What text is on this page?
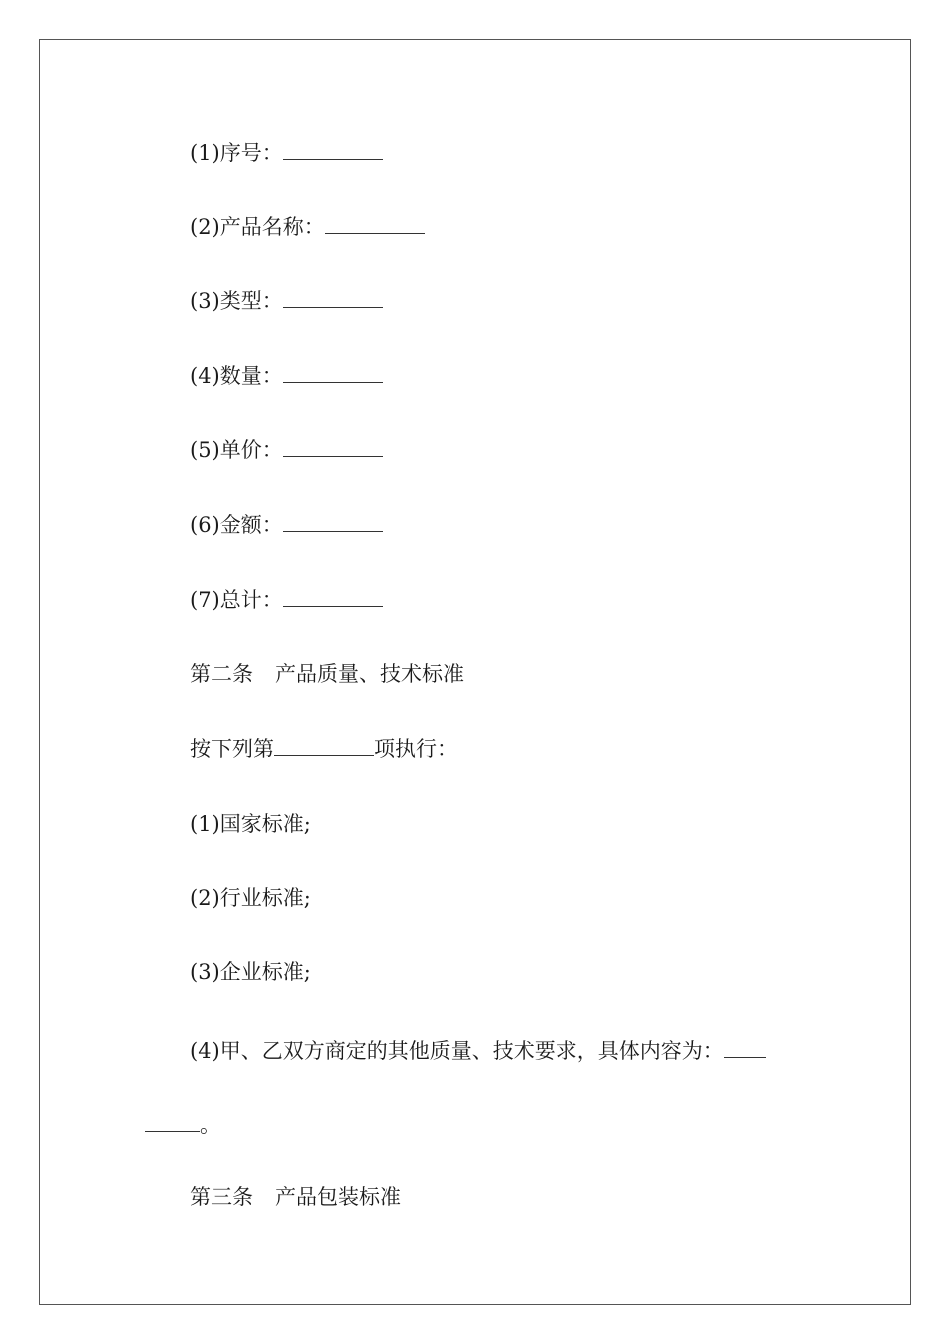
(1)序号：
(2)产品名称：
(3)类型：
(4)数量：
(5)单价：
(6)金额：
(7)总计：
第二条 产品质量、技术标准
按下列第	项执行：
(1)国家标准;
(2)行业标准;
(3)企业标准;
(4)甲、乙双方商定的其他质量、技术要求，具体内容为：
。
第三条 产品包装标准
